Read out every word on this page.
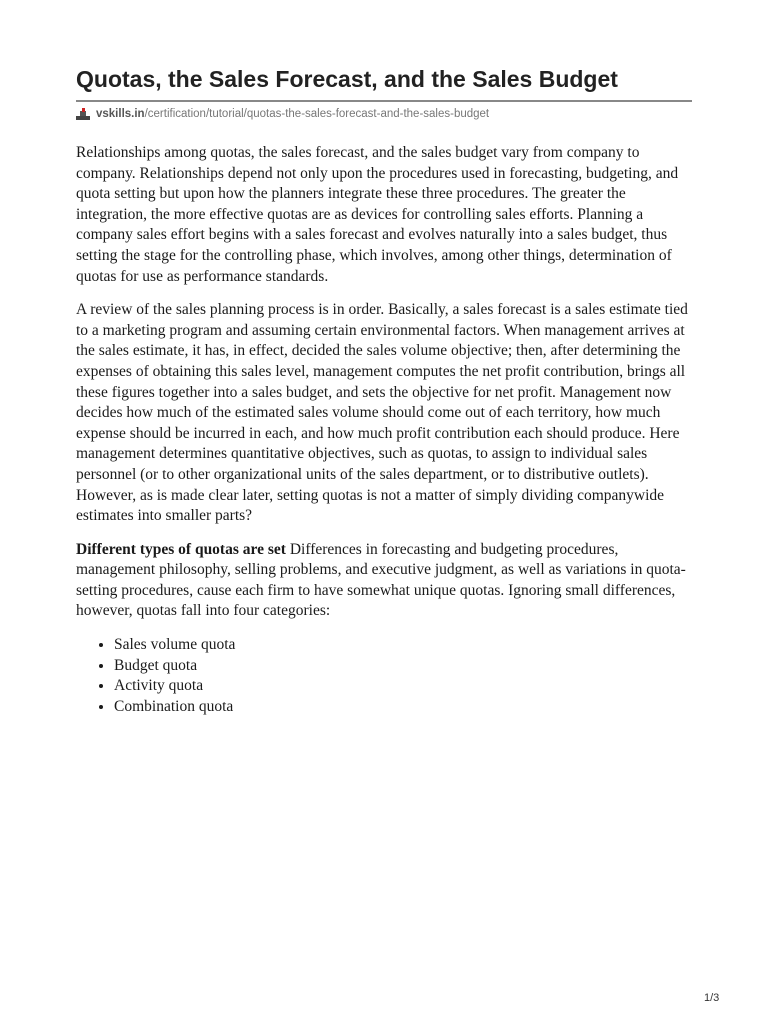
Quotas, the Sales Forecast, and the Sales Budget
vskills.in /certification/tutorial/quotas-the-sales-forecast-and-the-sales-budget

Relationships among quotas, the sales forecast, and the sales budget vary from company to company. Relationships depend not only upon the procedures used in forecasting, budgeting, and quota setting but upon how the planners integrate these three procedures. The greater the integration, the more effective quotas are as devices for controlling sales efforts. Planning a company sales effort begins with a sales forecast and evolves naturally into a sales budget, thus setting the stage for the controlling phase, which involves, among other things, determination of quotas for use as performance standards.

A review of the sales planning process is in order. Basically, a sales forecast is a sales estimate tied to a marketing program and assuming certain environmental factors. When management arrives at the sales estimate, it has, in effect, decided the sales volume objective; then, after determining the expenses of obtaining this sales level, management computes the net profit contribution, brings all these figures together into a sales budget, and sets the objective for net profit. Management now decides how much of the estimated sales volume should come out of each territory, how much expense should be incurred in each, and how much profit contribution each should produce. Here management determines quantitative objectives, such as quotas, to assign to individual sales personnel (or to other organizational units of the sales department, or to distributive outlets). However, as is made clear later, setting quotas is not a matter of simply dividing companywide estimates into smaller parts?

Different types of quotas are set Differences in forecasting and budgeting procedures, management philosophy, selling problems, and executive judgment, as well as variations in quota-setting procedures, cause each firm to have somewhat unique quotas. Ignoring small differences, however, quotas fall into four categories:

• Sales volume quota
• Budget quota
• Activity quota
• Combination quota
1/3
